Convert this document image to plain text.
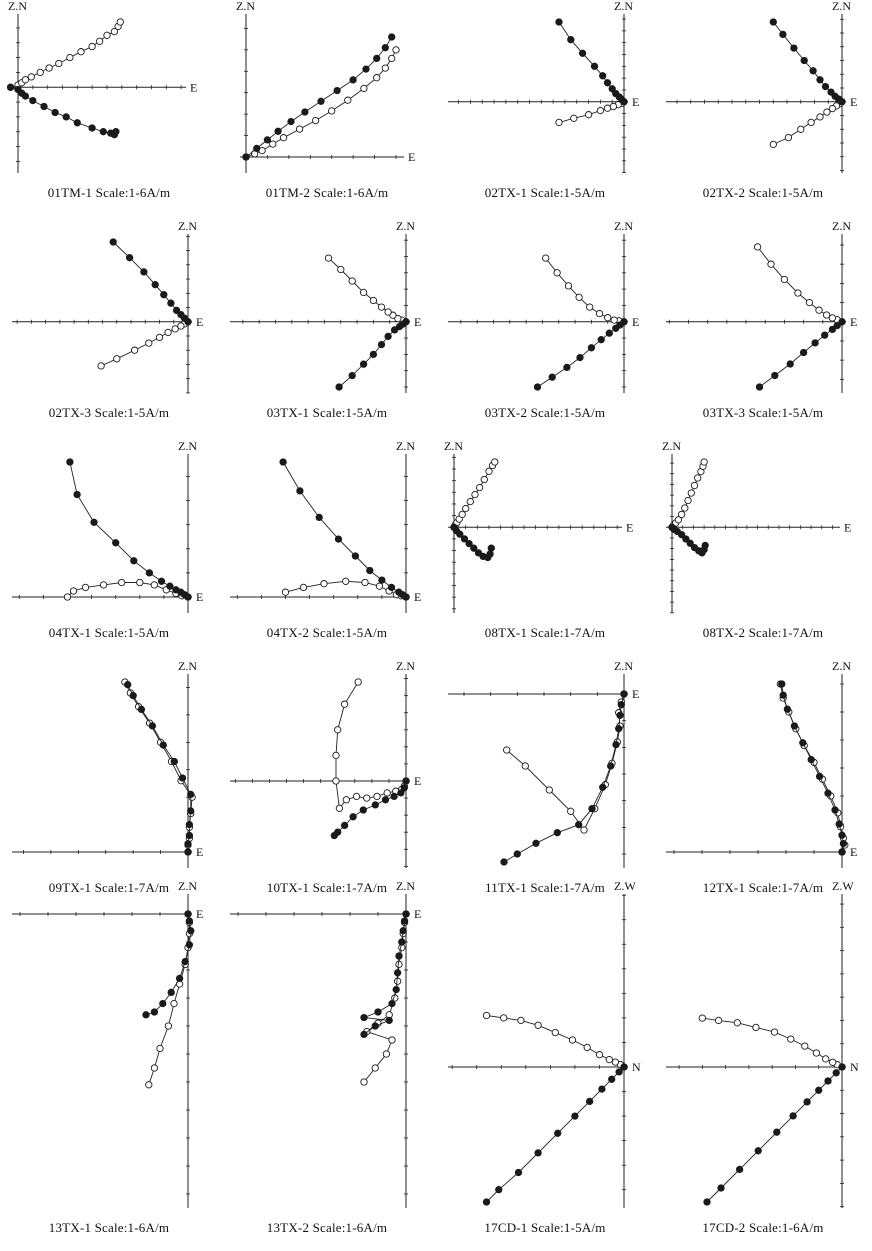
Z.N
E
01TM-1 Scale:1-6A/m
Z.N
E
01TM-2 Scale:1-6A/m
Z.N
E
02TX-1 Scale:1-5A/m
Z.N
E
02TX-2 Scale:1-5A/m
Z.N
E
02TX-3 Scale:1-5A/m
Z.N
E
03TX-1 Scale:1-5A/m
Z.N
E
03TX-2 Scale:1-5A/m
Z.N
E
03TX-3 Scale:1-5A/m
Z.N
E
04TX-1 Scale:1-5A/m
Z.N
E
04TX-2 Scale:1-5A/m
Z.N
E
08TX-1 Scale:1-7A/m
Z.N
E
08TX-2 Scale:1-7A/m
Z.N
E
09TX-1 Scale:1-7A/m
Z.N
E
10TX-1 Scale:1-7A/m
Z.N
E
11TX-1 Scale:1-7A/m
Z.N
E
12TX-1 Scale:1-7A/m
Z.N
E
13TX-1 Scale:1-6A/m
Z.N
E
13TX-2 Scale:1-6A/m
Z.W
N
17CD-1 Scale:1-5A/m
Z.W
N
17CD-2 Scale:1-6A/m
